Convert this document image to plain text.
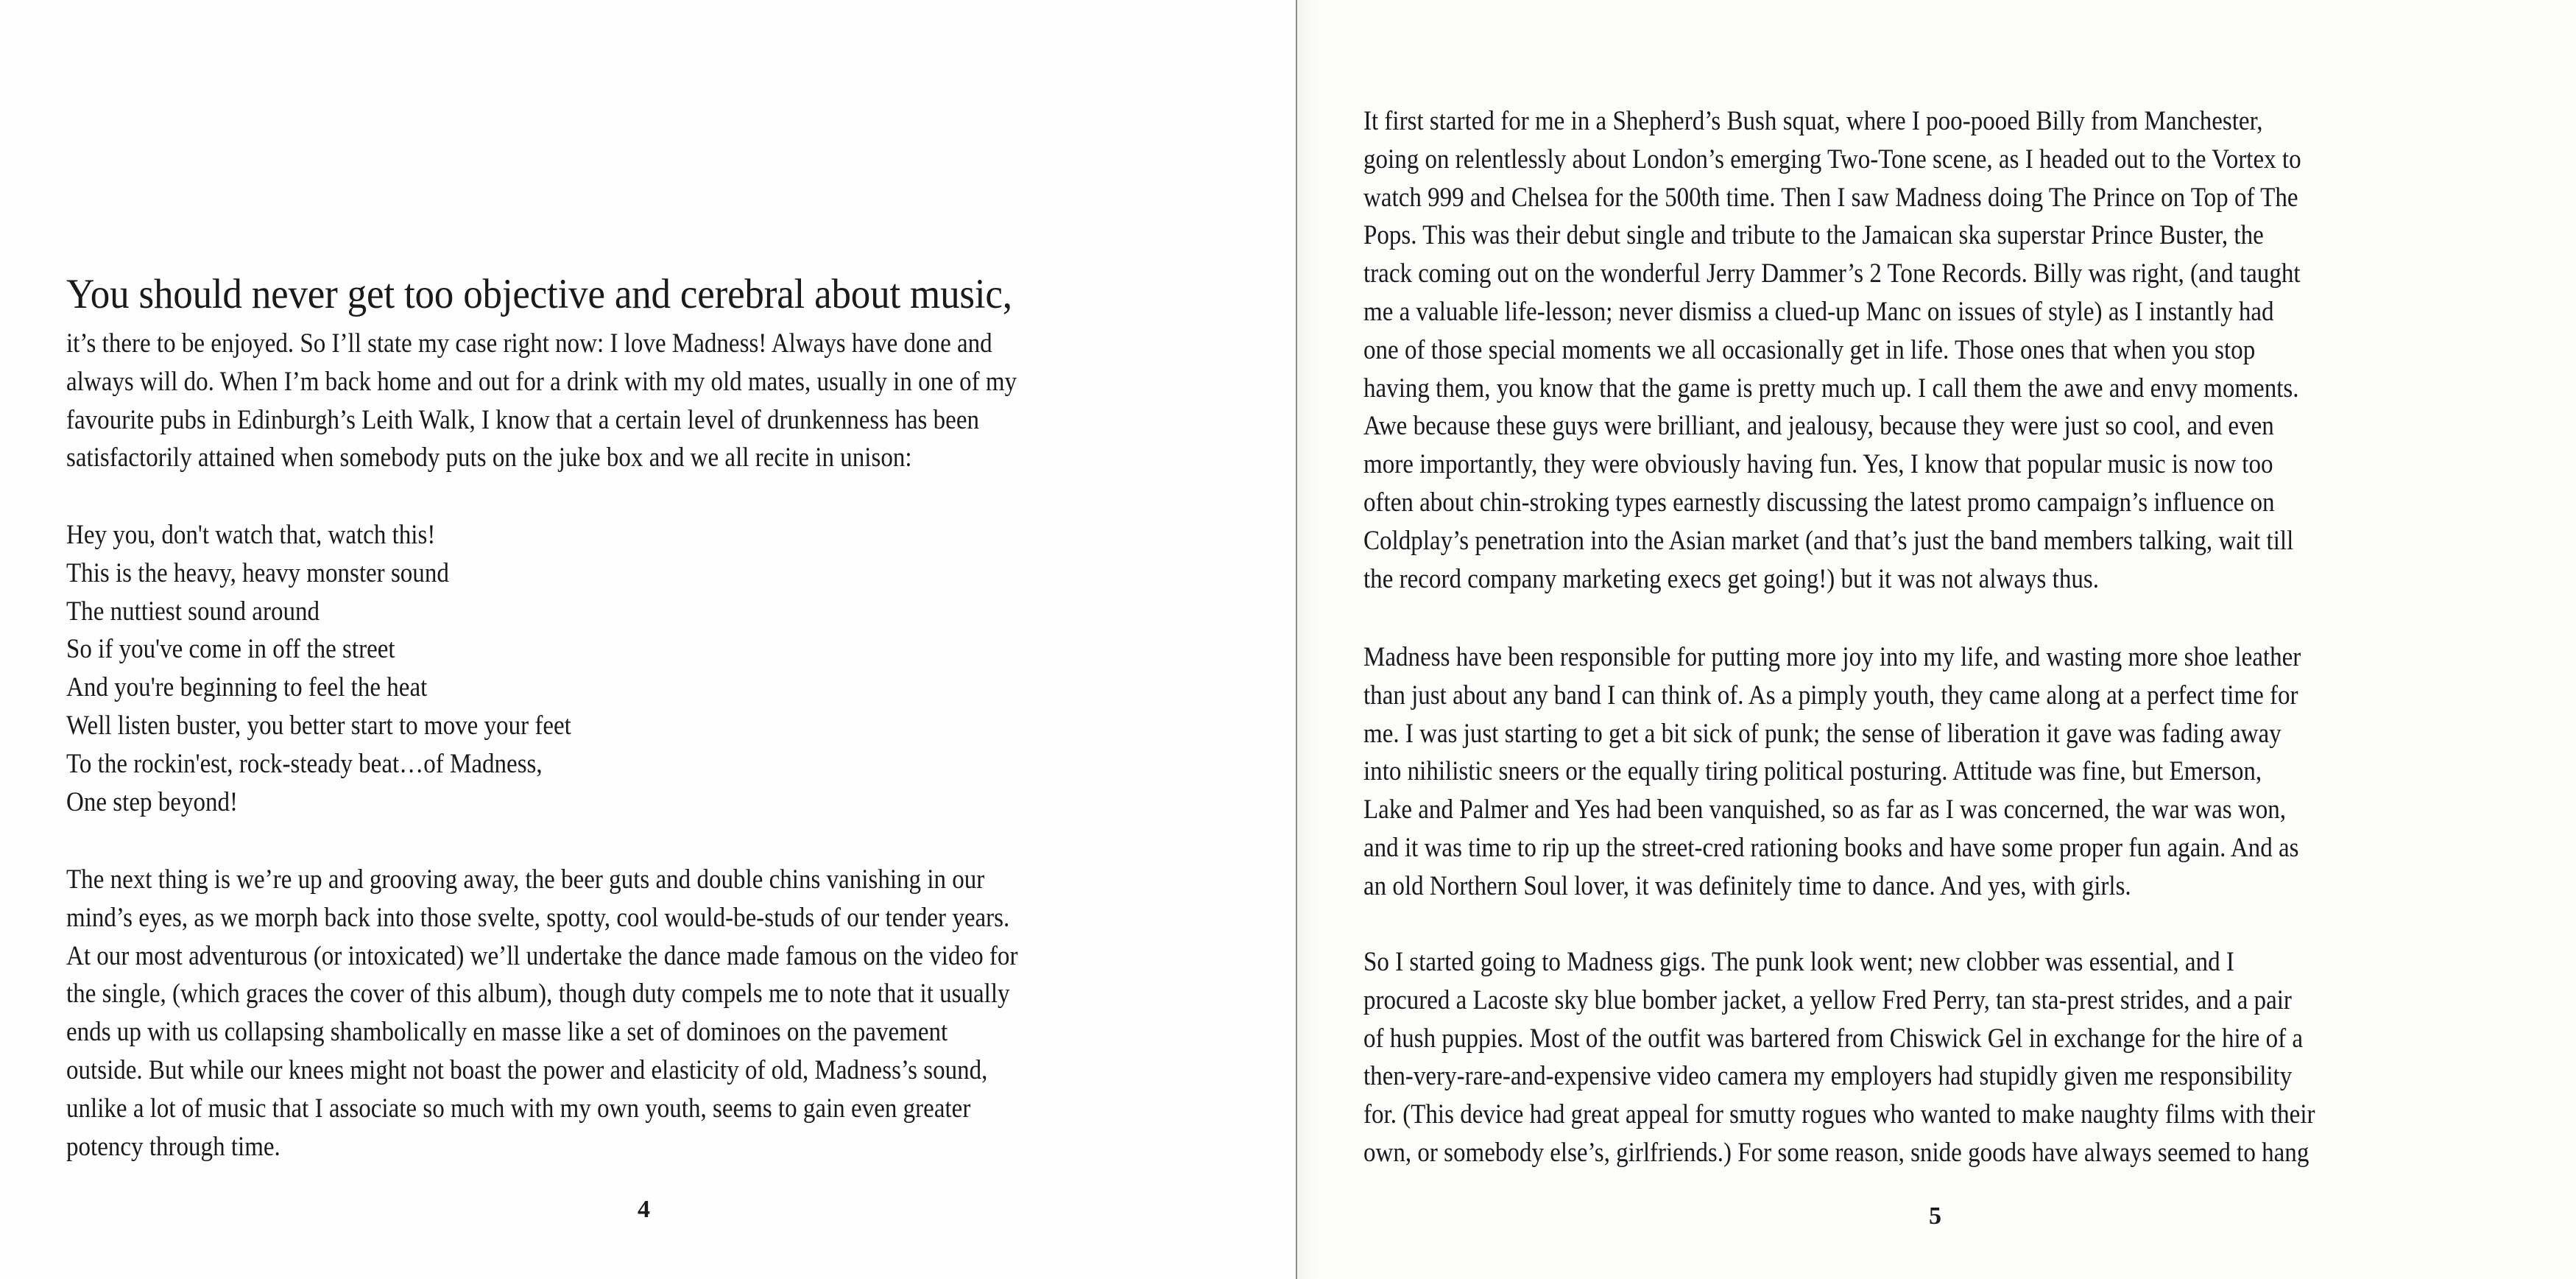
You should never get too objective and cerebral about music,
it’s there to be enjoyed. So I’ll state my case right now: I love Madness! Always have done and
always will do. When I’m back home and out for a drink with my old mates, usually in one of my
favourite pubs in Edinburgh’s Leith Walk, I know that a certain level of drunkenness has been
satisfactorily attained when somebody puts on the juke box and we all recite in unison:
Hey you, don't watch that, watch this!
This is the heavy, heavy monster sound
The nuttiest sound around
So if you've come in off the street
And you're beginning to feel the heat
Well listen buster, you better start to move your feet
To the rockin'est, rock-steady beat…of Madness,
One step beyond!
The next thing is we’re up and grooving away, the beer guts and double chins vanishing in our
mind’s eyes, as we morph back into those svelte, spotty, cool would-be-studs of our tender years.
At our most adventurous (or intoxicated) we’ll undertake the dance made famous on the video for
the single, (which graces the cover of this album), though duty compels me to note that it usually
ends up with us collapsing shambolically en masse like a set of dominoes on the pavement
outside. But while our knees might not boast the power and elasticity of old, Madness’s sound,
unlike a lot of music that I associate so much with my own youth, seems to gain even greater
potency through time.
4
It first started for me in a Shepherd’s Bush squat, where I poo-pooed Billy from Manchester,
going on relentlessly about London’s emerging Two-Tone scene, as I headed out to the Vortex to
watch 999 and Chelsea for the 500th time. Then I saw Madness doing The Prince on Top of The
Pops. This was their debut single and tribute to the Jamaican ska superstar Prince Buster, the
track coming out on the wonderful Jerry Dammer’s 2 Tone Records. Billy was right, (and taught
me a valuable life-lesson; never dismiss a clued-up Manc on issues of style) as I instantly had
one of those special moments we all occasionally get in life. Those ones that when you stop
having them, you know that the game is pretty much up. I call them the awe and envy moments.
Awe because these guys were brilliant, and jealousy, because they were just so cool, and even
more importantly, they were obviously having fun. Yes, I know that popular music is now too
often about chin-stroking types earnestly discussing the latest promo campaign’s influence on
Coldplay’s penetration into the Asian market (and that’s just the band members talking, wait till
the record company marketing execs get going!) but it was not always thus.
Madness have been responsible for putting more joy into my life, and wasting more shoe leather
than just about any band I can think of. As a pimply youth, they came along at a perfect time for
me. I was just starting to get a bit sick of punk; the sense of liberation it gave was fading away
into nihilistic sneers or the equally tiring political posturing. Attitude was fine, but Emerson,
Lake and Palmer and Yes had been vanquished, so as far as I was concerned, the war was won,
and it was time to rip up the street-cred rationing books and have some proper fun again. And as
an old Northern Soul lover, it was definitely time to dance. And yes, with girls.
So I started going to Madness gigs. The punk look went; new clobber was essential, and I
procured a Lacoste sky blue bomber jacket, a yellow Fred Perry, tan sta-prest strides, and a pair
of hush puppies. Most of the outfit was bartered from Chiswick Gel in exchange for the hire of a
then-very-rare-and-expensive video camera my employers had stupidly given me responsibility
for. (This device had great appeal for smutty rogues who wanted to make naughty films with their
own, or somebody else’s, girlfriends.) For some reason, snide goods have always seemed to hang
5
